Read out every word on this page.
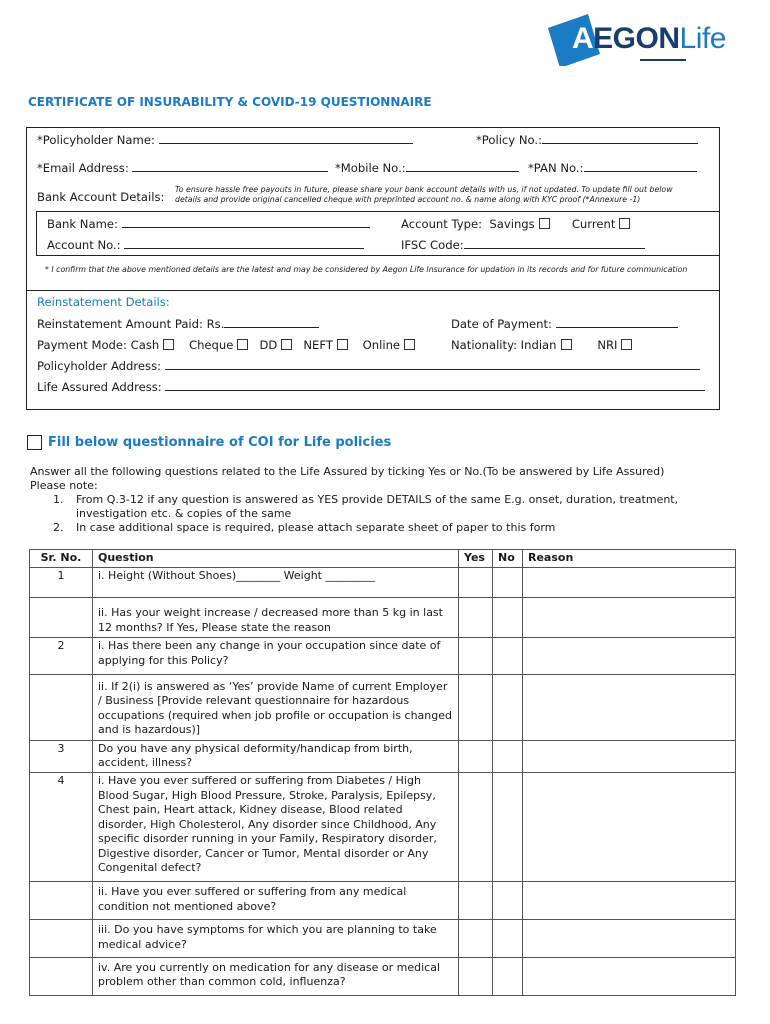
AEGONLife
CERTIFICATE OF INSURABILITY & COVID-19 QUESTIONNAIRE
*Policyholder Name:	*Policy No.:
*Email Address:	*Mobile No.:	*PAN No.:
Bank Account Details:
To ensure hassle free payouts in future, please share your bank account details with us, if not updated. To update fill out below details and provide original cancelled cheque with preprinted account no. & name along with KYC proof (*Annexure -1)
Bank Name:	Account Type: Savings	Current
Account No.:	IFSC Code:
* I confirm that the above mentioned details are the latest and may be considered by Aegon Life Insurance for updation in its records and for future communication
Reinstatement Details:
Reinstatement Amount Paid: Rs.	Date of Payment:
Payment Mode: Cash	Cheque DD NEFT	Online	Nationality: Indian	NRI
Policyholder Address:
Life Assured Address:
Fill below questionnaire of COI for Life policies
Answer all the following questions related to the Life Assured by ticking Yes or No.(To be answered by Life Assured)
Please note:
1. From Q.3-12 if any question is answered as YES provide DETAILS of the same E.g. onset, duration, treatment,
investigation etc. & copies of the same
2. In case additional space is required, please attach separate sheet of paper to this form
Sr. No.	Question	Yes	No	Reason
1	i. Height (Without Shoes)________ Weight _________			
	ii. Has your weight increase / decreased more than 5 kg in last 12 months? If Yes, Please state the reason			
2	i. Has there been any change in your occupation since date of applying for this Policy?			
	ii. If 2(i) is answered as ‘Yes’ provide Name of current Employer / Business [Provide relevant questionnaire for hazardous occupations (required when job profile or occupation is changed and is hazardous)]			
3	Do you have any physical deformity/handicap from birth, accident, illness?			
4	i. Have you ever suffered or suffering from Diabetes / High Blood Sugar, High Blood Pressure, Stroke, Paralysis, Epilepsy, Chest pain, Heart attack, Kidney disease, Blood related disorder, High Cholesterol, Any disorder since Childhood, Any specific disorder running in your Family, Respiratory disorder, Digestive disorder, Cancer or Tumor, Mental disorder or Any Congenital defect?			
	ii. Have you ever suffered or suffering from any medical condition not mentioned above?			
	iii. Do you have symptoms for which you are planning to take medical advice?			
	iv. Are you currently on medication for any disease or medical problem other than common cold, influenza?			
